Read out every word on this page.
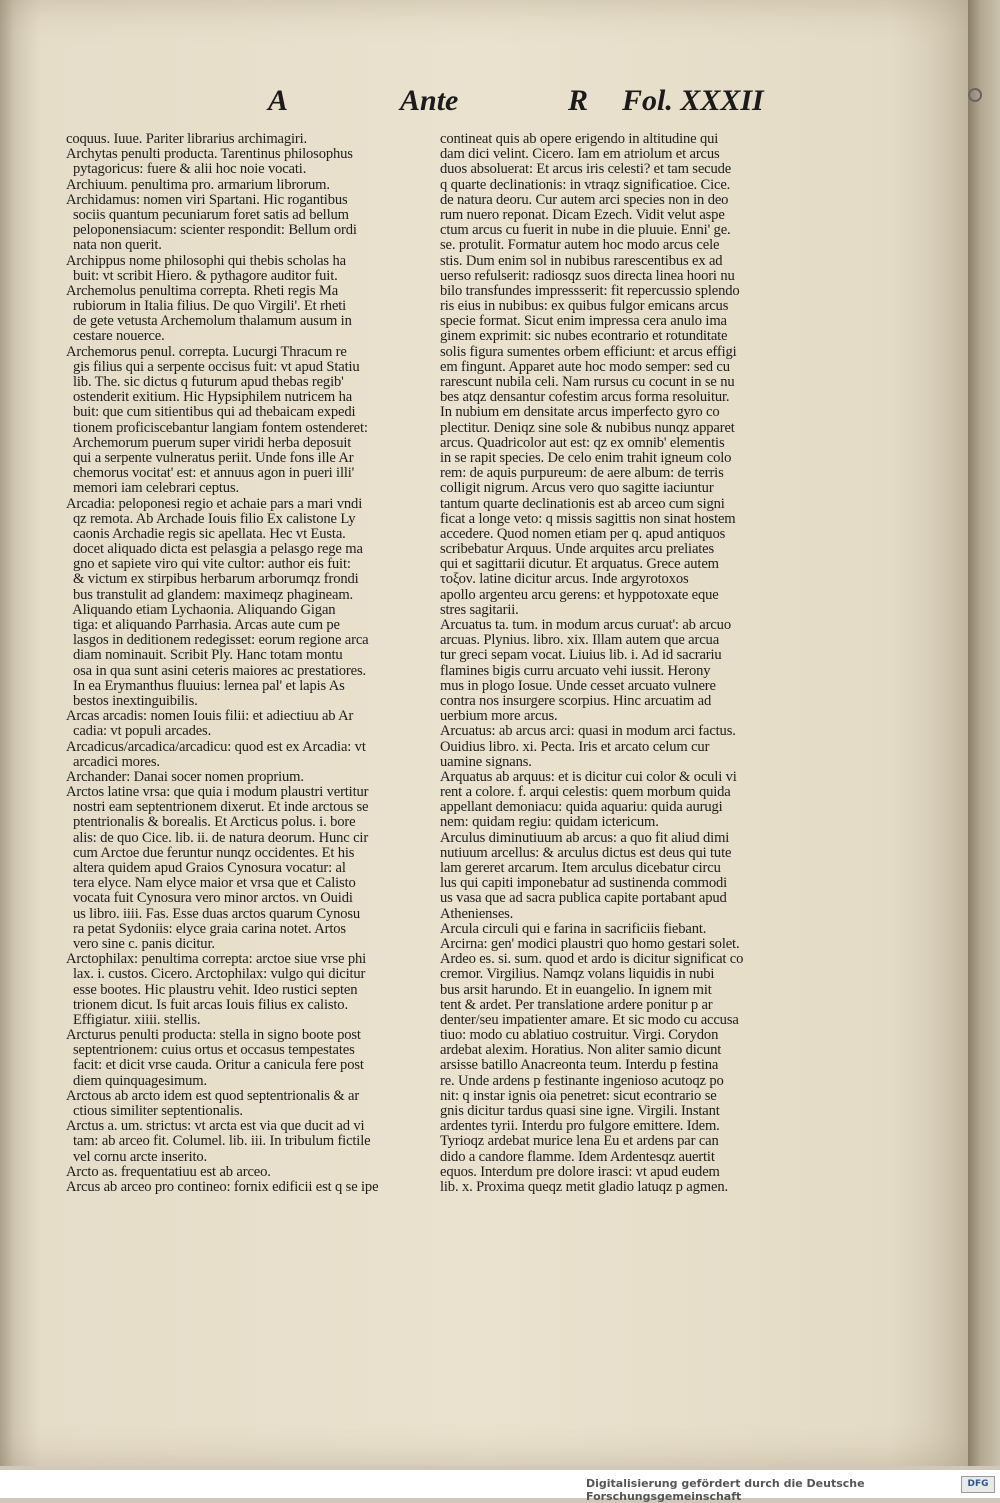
A	Ante	R Fol. XXXII
coquus. Iuue. Pariter librarius archimagiri.
Archytas penulti producta. Tarentinus philosophus
pytagoricus: fuere & alii hoc noie vocati.
Archiuum. penultima pro. armarium librorum.
Archidamus: nomen viri Spartani. Hic rogantibus
sociis quantum pecuniarum foret satis ad bellum
peloponensiacum: scienter respondit: Bellum ordi
nata non querit.
Archippus nome philosophi qui thebis scholas ha
buit: vt scribit Hiero. & pythagore auditor fuit.
Archemolus penultima correpta. Rheti regis Ma
rubiorum in Italia filius. De quo Virgili'. Et rheti
de gete vetusta Archemolum thalamum ausum in
cestare nouerce.
Archemorus penul. correpta. Lucurgi Thracum re
gis filius qui a serpente occisus fuit: vt apud Statiu
lib. The. sic dictus q futurum apud thebas regib'
ostenderit exitium. Hic Hypsiphilem nutricem ha
buit: que cum sitientibus qui ad thebaicam expedi
tionem proficiscebantur langiam fontem ostenderet:
Archemorum puerum super viridi herba deposuit
qui a serpente vulneratus periit. Unde fons ille Ar
chemorus vocitat' est: et annuus agon in pueri illi'
memori iam celebrari ceptus.
Arcadia: peloponesi regio et achaie pars a mari vndi
qz remota. Ab Archade Iouis filio Ex calistone Ly
caonis Archadie regis sic apellata. Hec vt Eusta.
docet aliquado dicta est pelasgia a pelasgo rege ma
gno et sapiete viro qui vite cultor: author eis fuit:
& victum ex stirpibus herbarum arborumqz frondi
bus transtulit ad glandem: maximeqz phagineam.
Aliquando etiam Lychaonia. Aliquando Gigan
tiga: et aliquando Parrhasia. Arcas aute cum pe
lasgos in deditionem redegisset: eorum regione arca
diam nominauit. Scribit Ply. Hanc totam montu
osa in qua sunt asini ceteris maiores ac prestatiores.
In ea Erymanthus fluuius: lernea pal' et lapis As
bestos inextinguibilis.
Arcas arcadis: nomen Iouis filii: et adiectiuu ab Ar
cadia: vt populi arcades.
Arcadicus/arcadica/arcadicu: quod est ex Arcadia: vt
arcadici mores.
Archander: Danai socer nomen proprium.
Arctos latine vrsa: que quia i modum plaustri vertitur
nostri eam septentrionem dixerut. Et inde arctous se
ptentrionalis & borealis. Et Arcticus polus. i. bore
alis: de quo Cice. lib. ii. de natura deorum. Hunc cir
cum Arctoe due feruntur nunqz occidentes. Et his
altera quidem apud Graios Cynosura vocatur: al
tera elyce. Nam elyce maior et vrsa que et Calisto
vocata fuit Cynosura vero minor arctos. vn Ouidi
us libro. iiii. Fas. Esse duas arctos quarum Cynosu
ra petat Sydoniis: elyce graia carina notet. Artos
vero sine c. panis dicitur.
Arctophilax: penultima correpta: arctoe siue vrse phi
lax. i. custos. Cicero. Arctophilax: vulgo qui dicitur
esse bootes. Hic plaustru vehit. Ideo rustici septen
trionem dicut. Is fuit arcas Iouis filius ex calisto.
Effigiatur. xiiii. stellis.
Arcturus penulti producta: stella in signo boote post
septentrionem: cuius ortus et occasus tempestates
facit: et dicit vrse cauda. Oritur a canicula fere post
diem quinquagesimum.
Arctous ab arcto idem est quod septentrionalis & ar
ctious similiter septentionalis.
Arctus a. um. strictus: vt arcta est via que ducit ad vi
tam: ab arceo fit. Columel. lib. iii. In tribulum fictile
vel cornu arcte inserito.
Arcto as. frequentatiuu est ab arceo.
Arcus ab arceo pro contineo: fornix edificii est q se ipe
contineat quis ab opere erigendo in altitudine qui
dam dici velint. Cicero. Iam em atriolum et arcus
duos absoluerat: Et arcus iris celesti? et tam secude
q quarte declinationis: in vtraqz significatioe. Cice.
de natura deoru. Cur autem arci species non in deo
rum nuero reponat. Dicam Ezech. Vidit velut aspe
ctum arcus cu fuerit in nube in die pluuie. Enni' ge.
se. protulit. Formatur autem hoc modo arcus cele
stis. Dum enim sol in nubibus rarescentibus ex ad
uerso refulserit: radiosqz suos directa linea hoori nu
bilo transfundes impressserit: fit repercussio splendo
ris eius in nubibus: ex quibus fulgor emicans arcus
specie format. Sicut enim impressa cera anulo ima
ginem exprimit: sic nubes econtrario et rotunditate
solis figura sumentes orbem efficiunt: et arcus effigi
em fingunt. Apparet aute hoc modo semper: sed cu
rarescunt nubila celi. Nam rursus cu cocunt in se nu
bes atqz densantur cofestim arcus forma resoluitur.
In nubium em densitate arcus imperfecto gyro co
plectitur. Deniqz sine sole & nubibus nunqz apparet
arcus. Quadricolor aut est: qz ex omnib' elementis
in se rapit species. De celo enim trahit igneum colo
rem: de aquis purpureum: de aere album: de terris
colligit nigrum. Arcus vero quo sagitte iaciuntur
tantum quarte declinationis est ab arceo cum signi
ficat a longe veto: q missis sagittis non sinat hostem
accedere. Quod nomen etiam per q. apud antiquos
scribebatur Arquus. Unde arquites arcu preliates
qui et sagittarii dicutur. Et arquatus. Grece autem
τοξον. latine dicitur arcus. Inde argyrotoxos
apollo argenteu arcu gerens: et hyppotoxate eque
stres sagitarii.
Arcuatus ta. tum. in modum arcus curuat': ab arcuo
arcuas. Plynius. libro. xix. Illam autem que arcua
tur greci sepam vocat. Liuius lib. i. Ad id sacrariu
flamines bigis curru arcuato vehi iussit. Herony
mus in plogo Iosue. Unde cesset arcuato vulnere
contra nos insurgere scorpius. Hinc arcuatim ad
uerbium more arcus.
Arcuatus: ab arcus arci: quasi in modum arci factus.
Ouidius libro. xi. Pecta. Iris et arcato celum cur
uamine signans.
Arquatus ab arquus: et is dicitur cui color & oculi vi
rent a colore. f. arqui celestis: quem morbum quida
appellant demoniacu: quida aquariu: quida aurugi
nem: quidam regiu: quidam ictericum.
Arculus diminutiuum ab arcus: a quo fit aliud dimi
nutiuum arcellus: & arculus dictus est deus qui tute
lam gereret arcarum. Item arculus dicebatur circu
lus qui capiti imponebatur ad sustinenda commodi
us vasa que ad sacra publica capite portabant apud
Athenienses.
Arcula circuli qui e farina in sacrificiis fiebant.
Arcirna: gen' modici plaustri quo homo gestari solet.
Ardeo es. si. sum. quod et ardo is dicitur significat co
cremor. Virgilius. Namqz volans liquidis in nubi
bus arsit harundo. Et in euangelio. In ignem mit
tent & ardet. Per translatione ardere ponitur p ar
denter/seu impatienter amare. Et sic modo cu accusa
tiuo: modo cu ablatiuo costruitur. Virgi. Corydon
ardebat alexim. Horatius. Non aliter samio dicunt
arsisse batillo Anacreonta teum. Interdu p festina
re. Unde ardens p festinante ingenioso acutoqz po
nit: q instar ignis oia penetret: sicut econtrario se
gnis dicitur tardus quasi sine igne. Virgili. Instant
ardentes tyrii. Interdu pro fulgore emittere. Idem.
Tyrioqz ardebat murice lena Eu et ardens par can
dido a candore flamme. Idem Ardentesqz auertit
equos. Interdum pre dolore irasci: vt apud eudem
lib. x. Proxima queqz metit gladio latuqz p agmen.
Digitalisierung gefördert durch die Deutsche Forschungsgemeinschaft
DFG
